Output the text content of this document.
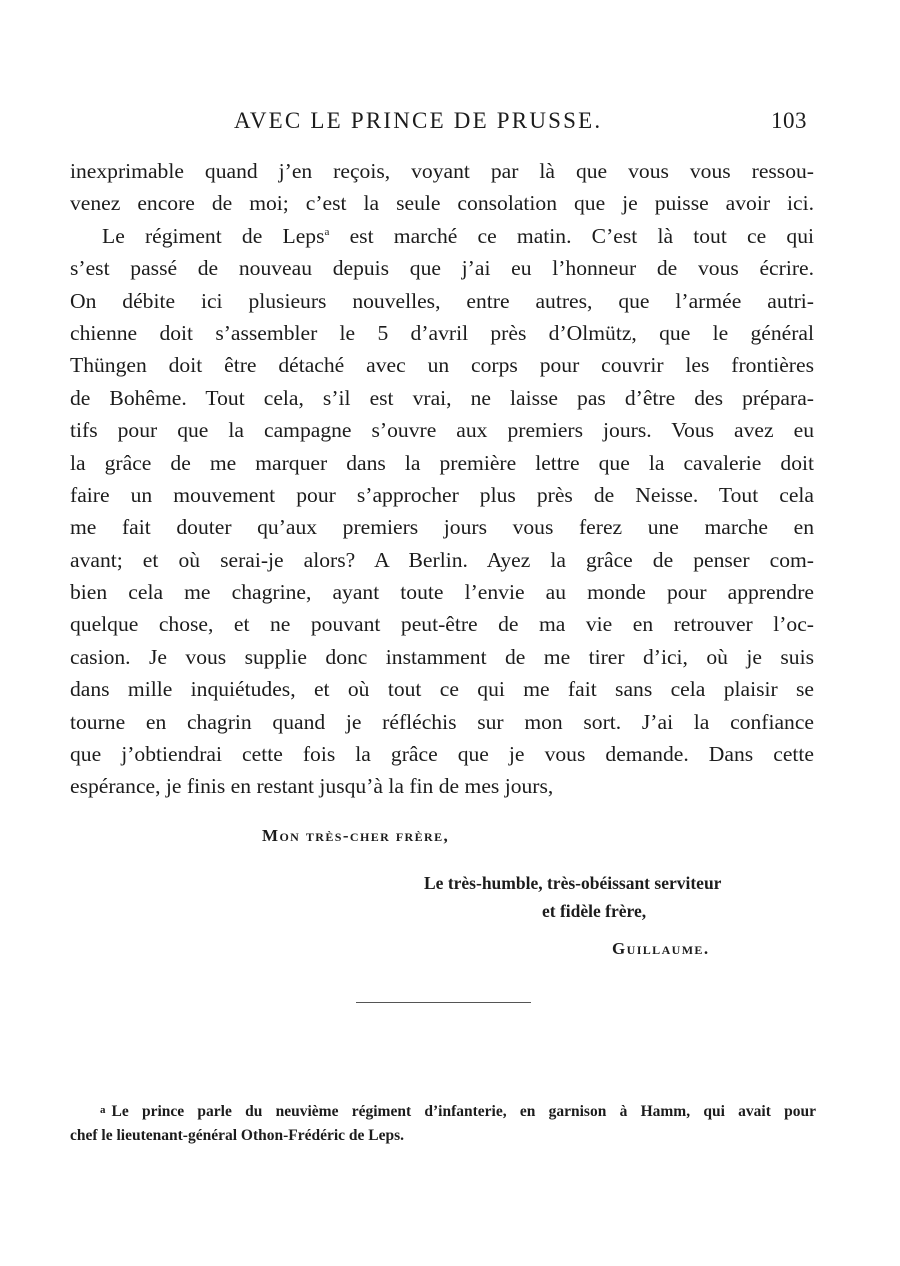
AVEC LE PRINCE DE PRUSSE.	103
inexprimable quand j’en reçois, voyant par là que vous vous ressou-
venez encore de moi; c’est la seule consolation que je puisse avoir ici.
Le régiment de Leps$^a$ est marché ce matin. C’est là tout ce qui
s’est passé de nouveau depuis que j’ai eu l’honneur de vous écrire.
On débite ici plusieurs nouvelles, entre autres, que l’armée autri-
chienne doit s’assembler le 5 d’avril près d’Olmütz, que le général
Thüngen doit être détaché avec un corps pour couvrir les frontières
de Bohême. Tout cela, s’il est vrai, ne laisse pas d’être des prépara-
tifs pour que la campagne s’ouvre aux premiers jours. Vous avez eu
la grâce de me marquer dans la première lettre que la cavalerie doit
faire un mouvement pour s’approcher plus près de Neisse. Tout cela
me fait douter qu’aux premiers jours vous ferez une marche en
avant; et où serai-je alors? A Berlin. Ayez la grâce de penser com-
bien cela me chagrine, ayant toute l’envie au monde pour apprendre
quelque chose, et ne pouvant peut-être de ma vie en retrouver l’oc-
casion. Je vous supplie donc instamment de me tirer d’ici, où je suis
dans mille inquiétudes, et où tout ce qui me fait sans cela plaisir se
tourne en chagrin quand je réfléchis sur mon sort. J’ai la confiance
que j’obtiendrai cette fois la grâce que je vous demande. Dans cette
espérance, je finis en restant jusqu’à la fin de mes jours,
Mon très-cher frère,
Le très-humble, très-obéissant serviteur
et fidèle frère,
Guillaume.
a Le prince parle du neuvième régiment d’infanterie, en garnison à Hamm, qui avait pour
chef le lieutenant-général Othon-Frédéric de Leps.
